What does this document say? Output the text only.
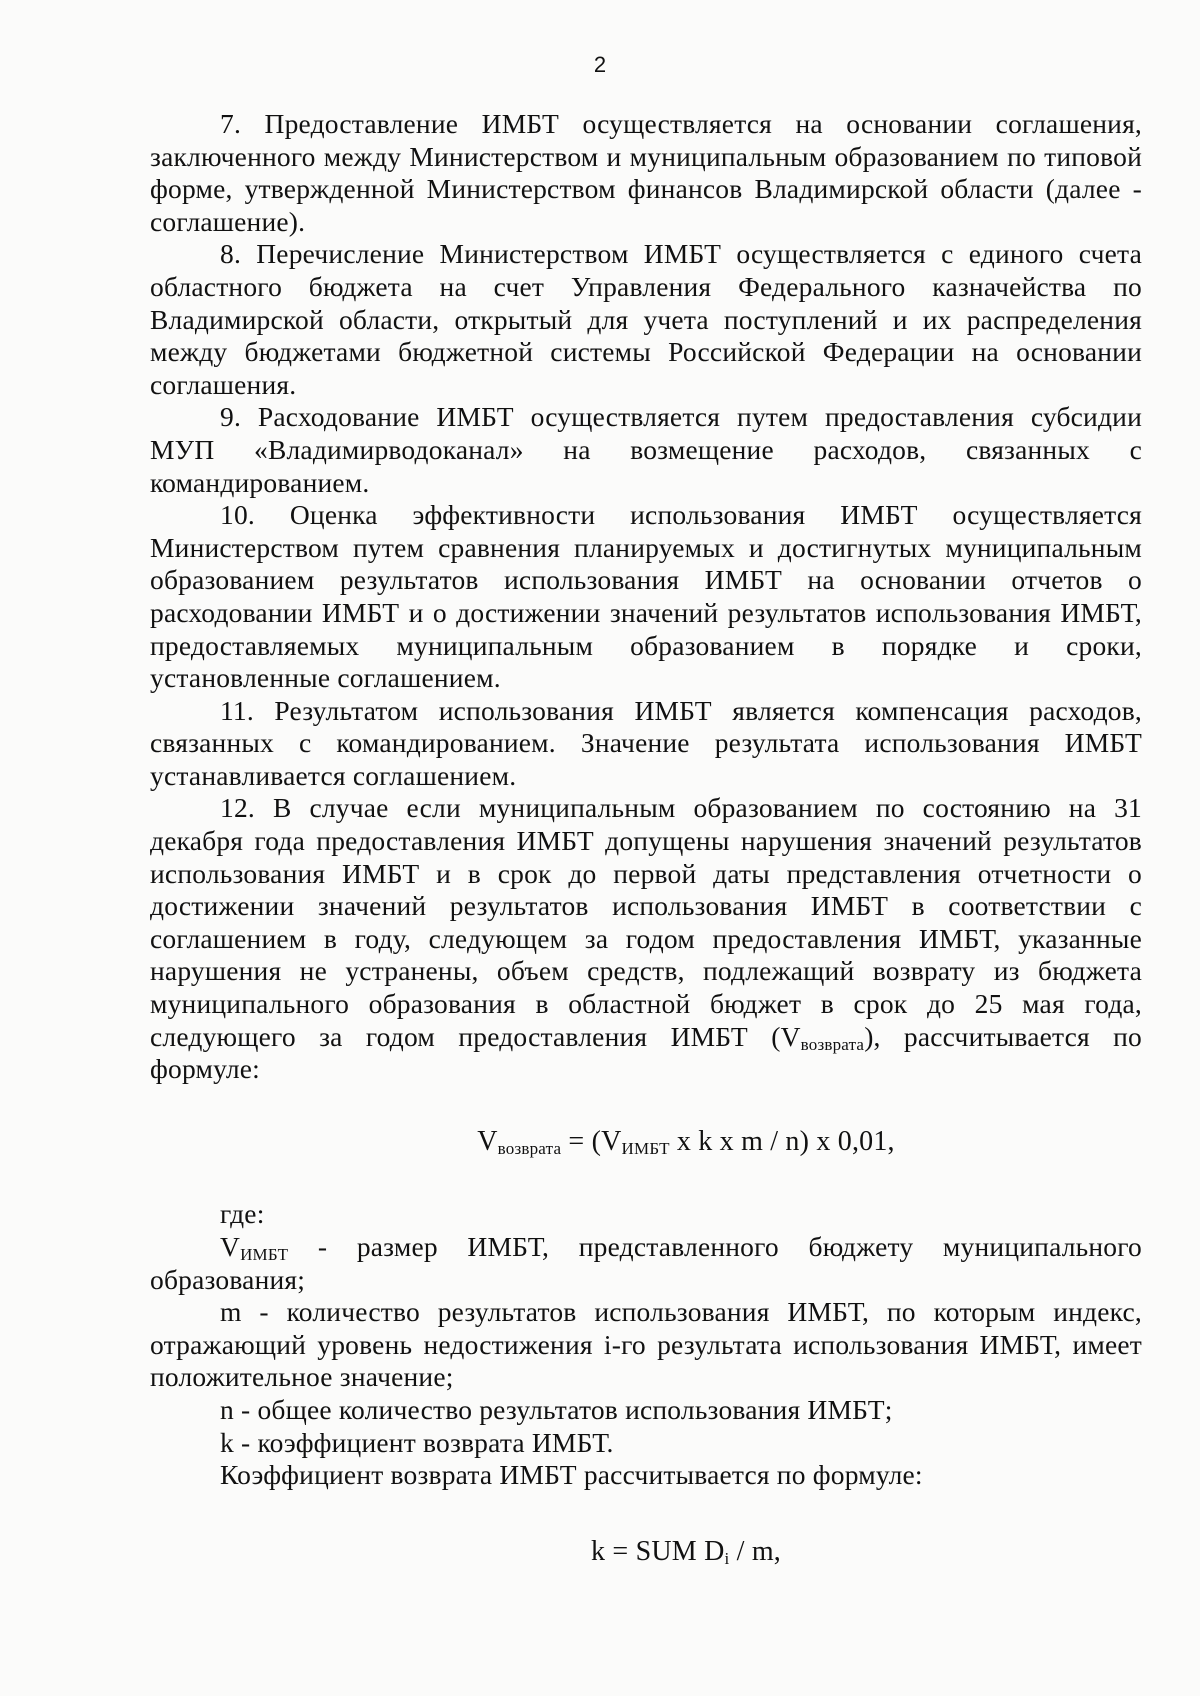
2

7. Предоставление ИМБТ осуществляется на основании соглашения, заключенного между Министерством и муниципальным образованием по типовой форме, утвержденной Министерством финансов Владимирской области (далее - соглашение).

8. Перечисление Министерством ИМБТ осуществляется с единого счета областного бюджета на счет Управления Федерального казначейства по Владимирской области, открытый для учета поступлений и их распределения между бюджетами бюджетной системы Российской Федерации на основании соглашения.

9. Расходование ИМБТ осуществляется путем предоставления субсидии МУП «Владимирводоканал» на возмещение расходов, связанных с командированием.

10. Оценка эффективности использования ИМБТ осуществляется Министерством путем сравнения планируемых и достигнутых муниципальным образованием результатов использования ИМБТ на основании отчетов о расходовании ИМБТ и о достижении значений результатов использования ИМБТ, предоставляемых муниципальным образованием в порядке и сроки, установленные соглашением.

11. Результатом использования ИМБТ является компенсация расходов, связанных с командированием. Значение результата использования ИМБТ устанавливается соглашением.

12. В случае если муниципальным образованием по состоянию на 31 декабря года предоставления ИМБТ допущены нарушения значений результатов использования ИМБТ и в срок до первой даты представления отчетности о достижении значений результатов использования ИМБТ в соответствии с соглашением в году, следующем за годом предоставления ИМБТ, указанные нарушения не устранены, объем средств, подлежащий возврату из бюджета муниципального образования в областной бюджет в срок до 25 мая года, следующего за годом предоставления ИМБТ $(V_{возврата})$, рассчитывается по формуле:

$V_{возврата} = (V_{ИМБТ}$ x k x m / n) x 0,01,

где:

$V_{ИМБТ}$ - размер ИМБТ, представленного бюджету муниципального образования;

m - количество результатов использования ИМБТ, по которым индекс, отражающий уровень недостижения i-го результата использования ИМБТ, имеет положительное значение;

n - общее количество результатов использования ИМБТ;

k - коэффициент возврата ИМБТ.

Коэффициент возврата ИМБТ рассчитывается по формуле:

k = SUM $D_i$ / m,
